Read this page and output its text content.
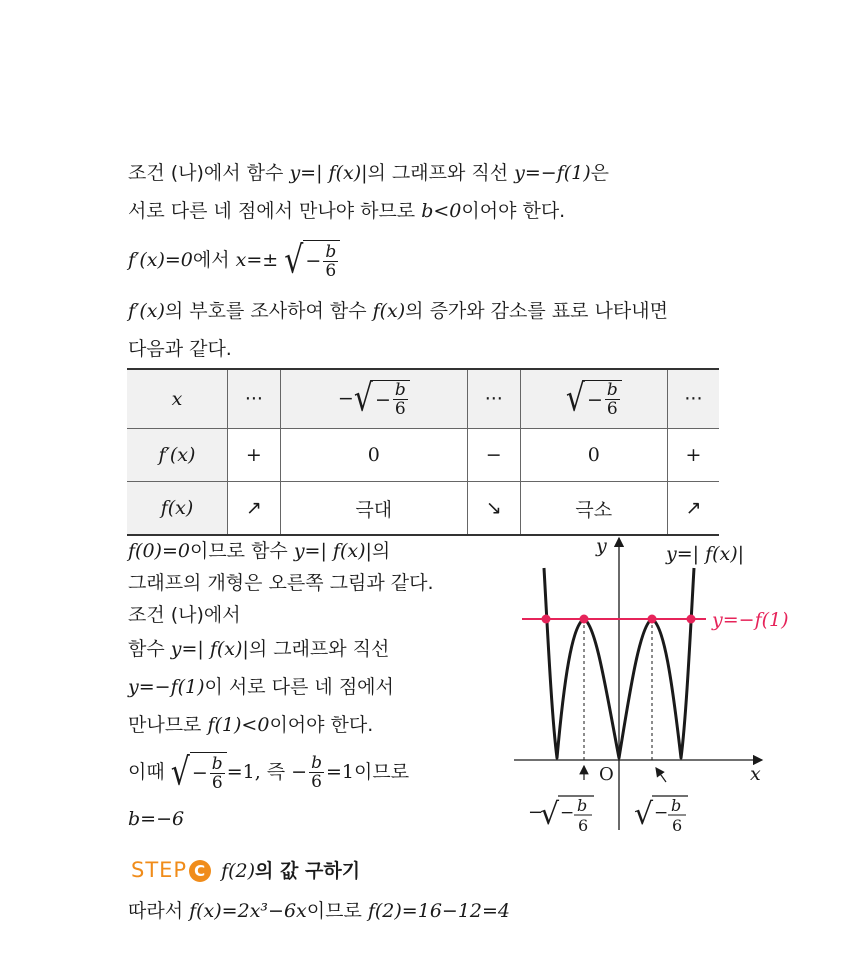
조건 (나)에서 함수 y=| f(x)|의 그래프와 직선 y=−f(1)은
서로 다른 네 점에서 만나야 하므로 b<0이어야 한다.
f′(x)=0에서 x=± √ − $\frac{b}{6}$
f′(x)의 부호를 조사하여 함수 f(x)의 증가와 감소를 표로 나타내면
다음과 같다.
x	···	− √ − $\frac{b}{6}$	···	√ − $\frac{b}{6}$	···
f′(x)	+	0	−	0	+
f(x)	↗	극대	↘	극소	↗
f(0)=0이므로 함수 y=| f(x)|의
그래프의 개형은 오른쪽 그림과 같다.
조건 (나)에서
함수 y=| f(x)|의 그래프와 직선
y=−f(1)이 서로 다른 네 점에서
만나므로 f(1)<0이어야 한다.
이때 √ − $\frac{b}{6} =1$, 즉 − $\frac{b}{6} =1$이므로
b=−6
y	y=| f(x)|
y=−f(1)
x
O
−
√ − b
6 √ − b
6
STEP C f(2)의 값 구하기
따라서 f(x)=2x³−6x이므로 f(2)=16−12=4
